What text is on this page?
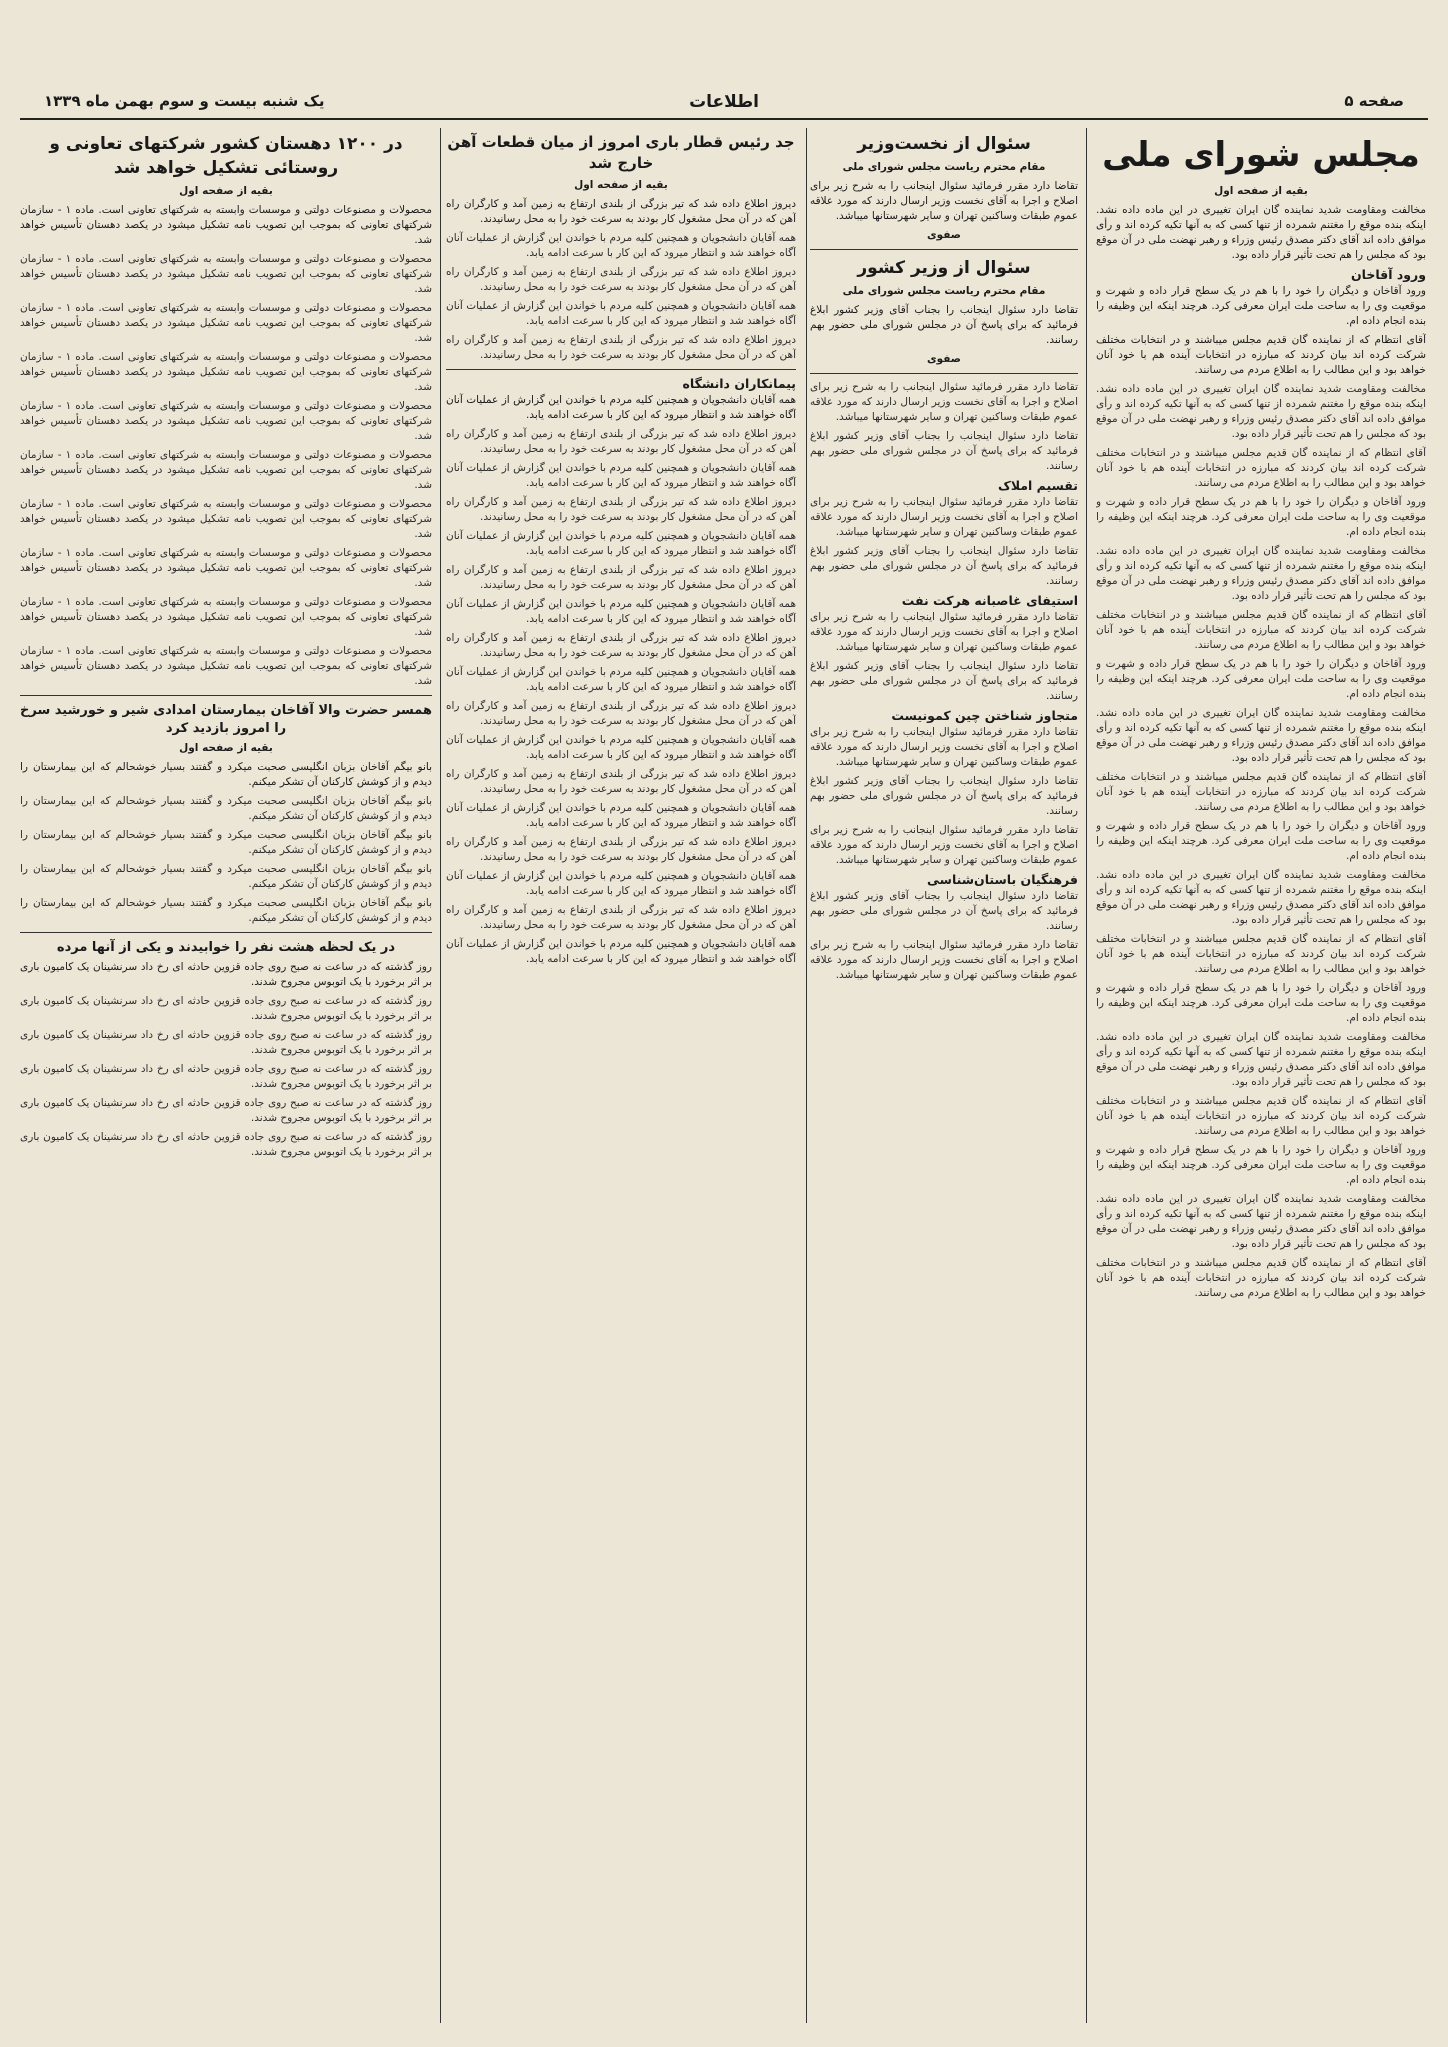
صفحه ۵
اطلاعات
یک شنبه بیست و سوم بهمن ماه ۱۳۳۹
مجلس شورای ملی
بقیه از صفحه اول

مخالفت ومقاومت شدید نماینده گان ایران تغییری در این ماده داده نشد. اینکه بنده موقع را مغتنم شمرده از تنها کسی که به آنها تکیه کرده اند و رأی موافق داده اند آقای دکتر مصدق رئیس وزراء و رهبر نهضت ملی در آن موقع بود که مجلس را هم تحت تأثیر قرار داده بود.

ورود آقاخان

ورود آقاخان و دیگران را خود را با هم در یک سطح قرار داده و شهرت و موقعیت وی را به ساحت ملت ایران معرفی کرد. هرچند اینکه این وظیفه را بنده انجام داده ام.

آقای انتظام که از نماینده گان قدیم مجلس میباشند و در انتخابات مختلف شرکت کرده اند بیان کردند که مبارزه در انتخابات آینده هم با خود آنان خواهد بود و این مطالب را به اطلاع مردم می رسانند.

مخالفت ومقاومت شدید نماینده گان ایران تغییری در این ماده داده نشد. اینکه بنده موقع را مغتنم شمرده از تنها کسی که به آنها تکیه کرده اند و رأی موافق داده اند آقای دکتر مصدق رئیس وزراء و رهبر نهضت ملی در آن موقع بود که مجلس را هم تحت تأثیر قرار داده بود.

آقای انتظام که از نماینده گان قدیم مجلس میباشند و در انتخابات مختلف شرکت کرده اند بیان کردند که مبارزه در انتخابات آینده هم با خود آنان خواهد بود و این مطالب را به اطلاع مردم می رسانند.

ورود آقاخان و دیگران را خود را با هم در یک سطح قرار داده و شهرت و موقعیت وی را به ساحت ملت ایران معرفی کرد. هرچند اینکه این وظیفه را بنده انجام داده ام.

مخالفت ومقاومت شدید نماینده گان ایران تغییری در این ماده داده نشد. اینکه بنده موقع را مغتنم شمرده از تنها کسی که به آنها تکیه کرده اند و رأی موافق داده اند آقای دکتر مصدق رئیس وزراء و رهبر نهضت ملی در آن موقع بود که مجلس را هم تحت تأثیر قرار داده بود.

آقای انتظام که از نماینده گان قدیم مجلس میباشند و در انتخابات مختلف شرکت کرده اند بیان کردند که مبارزه در انتخابات آینده هم با خود آنان خواهد بود و این مطالب را به اطلاع مردم می رسانند.

ورود آقاخان و دیگران را خود را با هم در یک سطح قرار داده و شهرت و موقعیت وی را به ساحت ملت ایران معرفی کرد. هرچند اینکه این وظیفه را بنده انجام داده ام.

مخالفت ومقاومت شدید نماینده گان ایران تغییری در این ماده داده نشد. اینکه بنده موقع را مغتنم شمرده از تنها کسی که به آنها تکیه کرده اند و رأی موافق داده اند آقای دکتر مصدق رئیس وزراء و رهبر نهضت ملی در آن موقع بود که مجلس را هم تحت تأثیر قرار داده بود.

آقای انتظام که از نماینده گان قدیم مجلس میباشند و در انتخابات مختلف شرکت کرده اند بیان کردند که مبارزه در انتخابات آینده هم با خود آنان خواهد بود و این مطالب را به اطلاع مردم می رسانند.

ورود آقاخان و دیگران را خود را با هم در یک سطح قرار داده و شهرت و موقعیت وی را به ساحت ملت ایران معرفی کرد. هرچند اینکه این وظیفه را بنده انجام داده ام.

مخالفت ومقاومت شدید نماینده گان ایران تغییری در این ماده داده نشد. اینکه بنده موقع را مغتنم شمرده از تنها کسی که به آنها تکیه کرده اند و رأی موافق داده اند آقای دکتر مصدق رئیس وزراء و رهبر نهضت ملی در آن موقع بود که مجلس را هم تحت تأثیر قرار داده بود.

آقای انتظام که از نماینده گان قدیم مجلس میباشند و در انتخابات مختلف شرکت کرده اند بیان کردند که مبارزه در انتخابات آینده هم با خود آنان خواهد بود و این مطالب را به اطلاع مردم می رسانند.

ورود آقاخان و دیگران را خود را با هم در یک سطح قرار داده و شهرت و موقعیت وی را به ساحت ملت ایران معرفی کرد. هرچند اینکه این وظیفه را بنده انجام داده ام.

مخالفت ومقاومت شدید نماینده گان ایران تغییری در این ماده داده نشد. اینکه بنده موقع را مغتنم شمرده از تنها کسی که به آنها تکیه کرده اند و رأی موافق داده اند آقای دکتر مصدق رئیس وزراء و رهبر نهضت ملی در آن موقع بود که مجلس را هم تحت تأثیر قرار داده بود.

آقای انتظام که از نماینده گان قدیم مجلس میباشند و در انتخابات مختلف شرکت کرده اند بیان کردند که مبارزه در انتخابات آینده هم با خود آنان خواهد بود و این مطالب را به اطلاع مردم می رسانند.

ورود آقاخان و دیگران را خود را با هم در یک سطح قرار داده و شهرت و موقعیت وی را به ساحت ملت ایران معرفی کرد. هرچند اینکه این وظیفه را بنده انجام داده ام.

مخالفت ومقاومت شدید نماینده گان ایران تغییری در این ماده داده نشد. اینکه بنده موقع را مغتنم شمرده از تنها کسی که به آنها تکیه کرده اند و رأی موافق داده اند آقای دکتر مصدق رئیس وزراء و رهبر نهضت ملی در آن موقع بود که مجلس را هم تحت تأثیر قرار داده بود.

آقای انتظام که از نماینده گان قدیم مجلس میباشند و در انتخابات مختلف شرکت کرده اند بیان کردند که مبارزه در انتخابات آینده هم با خود آنان خواهد بود و این مطالب را به اطلاع مردم می رسانند.

سئوال از نخست‌وزیر
مقام محترم ریاست مجلس شورای ملی

تقاضا دارد مقرر فرمائید سئوال اینجانب را به شرح زیر برای اصلاح و اجرا به آقای نخست وزیر ارسال دارند که مورد علاقه عموم طبقات وساکنین تهران و سایر شهرستانها میباشد.

صفوی
سئوال از وزیر کشور
مقام محترم ریاست مجلس شورای ملی

تقاضا دارد سئوال اینجانب را بجناب آقای وزیر کشور ابلاغ فرمائید که برای پاسخ آن در مجلس شورای ملی حضور بهم رسانند.

صفوی

تقاضا دارد مقرر فرمائید سئوال اینجانب را به شرح زیر برای اصلاح و اجرا به آقای نخست وزیر ارسال دارند که مورد علاقه عموم طبقات وساکنین تهران و سایر شهرستانها میباشد.

تقاضا دارد سئوال اینجانب را بجناب آقای وزیر کشور ابلاغ فرمائید که برای پاسخ آن در مجلس شورای ملی حضور بهم رسانند.

تقسیم املاک

تقاضا دارد مقرر فرمائید سئوال اینجانب را به شرح زیر برای اصلاح و اجرا به آقای نخست وزیر ارسال دارند که مورد علاقه عموم طبقات وساکنین تهران و سایر شهرستانها میباشد.

تقاضا دارد سئوال اینجانب را بجناب آقای وزیر کشور ابلاغ فرمائید که برای پاسخ آن در مجلس شورای ملی حضور بهم رسانند.

استیفای غاصبانه هرکت نفت

تقاضا دارد مقرر فرمائید سئوال اینجانب را به شرح زیر برای اصلاح و اجرا به آقای نخست وزیر ارسال دارند که مورد علاقه عموم طبقات وساکنین تهران و سایر شهرستانها میباشد.

تقاضا دارد سئوال اینجانب را بجناب آقای وزیر کشور ابلاغ فرمائید که برای پاسخ آن در مجلس شورای ملی حضور بهم رسانند.

متجاوز شناختن چین کمونیست

تقاضا دارد مقرر فرمائید سئوال اینجانب را به شرح زیر برای اصلاح و اجرا به آقای نخست وزیر ارسال دارند که مورد علاقه عموم طبقات وساکنین تهران و سایر شهرستانها میباشد.

تقاضا دارد سئوال اینجانب را بجناب آقای وزیر کشور ابلاغ فرمائید که برای پاسخ آن در مجلس شورای ملی حضور بهم رسانند.

تقاضا دارد مقرر فرمائید سئوال اینجانب را به شرح زیر برای اصلاح و اجرا به آقای نخست وزیر ارسال دارند که مورد علاقه عموم طبقات وساکنین تهران و سایر شهرستانها میباشد.

فرهنگیان باستان‌شناسی

تقاضا دارد سئوال اینجانب را بجناب آقای وزیر کشور ابلاغ فرمائید که برای پاسخ آن در مجلس شورای ملی حضور بهم رسانند.

تقاضا دارد مقرر فرمائید سئوال اینجانب را به شرح زیر برای اصلاح و اجرا به آقای نخست وزیر ارسال دارند که مورد علاقه عموم طبقات وساکنین تهران و سایر شهرستانها میباشد.

جد رئیس قطار باری امروز از میان قطعات آهن خارج شد
بقیه از صفحه اول

دیروز اطلاع داده شد که تیر بزرگی از بلندی ارتفاع به زمین آمد و کارگران راه آهن که در آن محل مشغول کار بودند به سرعت خود را به محل رسانیدند.

همه آقایان دانشجویان و همچنین کلیه مردم با خواندن این گزارش از عملیات آنان آگاه خواهند شد و انتظار میرود که این کار با سرعت ادامه یابد.

دیروز اطلاع داده شد که تیر بزرگی از بلندی ارتفاع به زمین آمد و کارگران راه آهن که در آن محل مشغول کار بودند به سرعت خود را به محل رسانیدند.

همه آقایان دانشجویان و همچنین کلیه مردم با خواندن این گزارش از عملیات آنان آگاه خواهند شد و انتظار میرود که این کار با سرعت ادامه یابد.

دیروز اطلاع داده شد که تیر بزرگی از بلندی ارتفاع به زمین آمد و کارگران راه آهن که در آن محل مشغول کار بودند به سرعت خود را به محل رسانیدند.

پیمانکاران دانشگاه

همه آقایان دانشجویان و همچنین کلیه مردم با خواندن این گزارش از عملیات آنان آگاه خواهند شد و انتظار میرود که این کار با سرعت ادامه یابد.

دیروز اطلاع داده شد که تیر بزرگی از بلندی ارتفاع به زمین آمد و کارگران راه آهن که در آن محل مشغول کار بودند به سرعت خود را به محل رسانیدند.

همه آقایان دانشجویان و همچنین کلیه مردم با خواندن این گزارش از عملیات آنان آگاه خواهند شد و انتظار میرود که این کار با سرعت ادامه یابد.

دیروز اطلاع داده شد که تیر بزرگی از بلندی ارتفاع به زمین آمد و کارگران راه آهن که در آن محل مشغول کار بودند به سرعت خود را به محل رسانیدند.

همه آقایان دانشجویان و همچنین کلیه مردم با خواندن این گزارش از عملیات آنان آگاه خواهند شد و انتظار میرود که این کار با سرعت ادامه یابد.

دیروز اطلاع داده شد که تیر بزرگی از بلندی ارتفاع به زمین آمد و کارگران راه آهن که در آن محل مشغول کار بودند به سرعت خود را به محل رسانیدند.

همه آقایان دانشجویان و همچنین کلیه مردم با خواندن این گزارش از عملیات آنان آگاه خواهند شد و انتظار میرود که این کار با سرعت ادامه یابد.

دیروز اطلاع داده شد که تیر بزرگی از بلندی ارتفاع به زمین آمد و کارگران راه آهن که در آن محل مشغول کار بودند به سرعت خود را به محل رسانیدند.

همه آقایان دانشجویان و همچنین کلیه مردم با خواندن این گزارش از عملیات آنان آگاه خواهند شد و انتظار میرود که این کار با سرعت ادامه یابد.

دیروز اطلاع داده شد که تیر بزرگی از بلندی ارتفاع به زمین آمد و کارگران راه آهن که در آن محل مشغول کار بودند به سرعت خود را به محل رسانیدند.

همه آقایان دانشجویان و همچنین کلیه مردم با خواندن این گزارش از عملیات آنان آگاه خواهند شد و انتظار میرود که این کار با سرعت ادامه یابد.

دیروز اطلاع داده شد که تیر بزرگی از بلندی ارتفاع به زمین آمد و کارگران راه آهن که در آن محل مشغول کار بودند به سرعت خود را به محل رسانیدند.

همه آقایان دانشجویان و همچنین کلیه مردم با خواندن این گزارش از عملیات آنان آگاه خواهند شد و انتظار میرود که این کار با سرعت ادامه یابد.

دیروز اطلاع داده شد که تیر بزرگی از بلندی ارتفاع به زمین آمد و کارگران راه آهن که در آن محل مشغول کار بودند به سرعت خود را به محل رسانیدند.

همه آقایان دانشجویان و همچنین کلیه مردم با خواندن این گزارش از عملیات آنان آگاه خواهند شد و انتظار میرود که این کار با سرعت ادامه یابد.

دیروز اطلاع داده شد که تیر بزرگی از بلندی ارتفاع به زمین آمد و کارگران راه آهن که در آن محل مشغول کار بودند به سرعت خود را به محل رسانیدند.

همه آقایان دانشجویان و همچنین کلیه مردم با خواندن این گزارش از عملیات آنان آگاه خواهند شد و انتظار میرود که این کار با سرعت ادامه یابد.

در ۱۲۰۰ دهستان کشور شرکتهای تعاونی و روستائی تشکیل خواهد شد
بقیه از صفحه اول

محصولات و مصنوعات دولتی و موسسات وابسته به شرکتهای تعاونی است. ماده ۱ - سازمان شرکتهای تعاونی که بموجب این تصویب نامه تشکیل میشود در یکصد دهستان تأسیس خواهد شد.

محصولات و مصنوعات دولتی و موسسات وابسته به شرکتهای تعاونی است. ماده ۱ - سازمان شرکتهای تعاونی که بموجب این تصویب نامه تشکیل میشود در یکصد دهستان تأسیس خواهد شد.

محصولات و مصنوعات دولتی و موسسات وابسته به شرکتهای تعاونی است. ماده ۱ - سازمان شرکتهای تعاونی که بموجب این تصویب نامه تشکیل میشود در یکصد دهستان تأسیس خواهد شد.

محصولات و مصنوعات دولتی و موسسات وابسته به شرکتهای تعاونی است. ماده ۱ - سازمان شرکتهای تعاونی که بموجب این تصویب نامه تشکیل میشود در یکصد دهستان تأسیس خواهد شد.

محصولات و مصنوعات دولتی و موسسات وابسته به شرکتهای تعاونی است. ماده ۱ - سازمان شرکتهای تعاونی که بموجب این تصویب نامه تشکیل میشود در یکصد دهستان تأسیس خواهد شد.

محصولات و مصنوعات دولتی و موسسات وابسته به شرکتهای تعاونی است. ماده ۱ - سازمان شرکتهای تعاونی که بموجب این تصویب نامه تشکیل میشود در یکصد دهستان تأسیس خواهد شد.

محصولات و مصنوعات دولتی و موسسات وابسته به شرکتهای تعاونی است. ماده ۱ - سازمان شرکتهای تعاونی که بموجب این تصویب نامه تشکیل میشود در یکصد دهستان تأسیس خواهد شد.

محصولات و مصنوعات دولتی و موسسات وابسته به شرکتهای تعاونی است. ماده ۱ - سازمان شرکتهای تعاونی که بموجب این تصویب نامه تشکیل میشود در یکصد دهستان تأسیس خواهد شد.

محصولات و مصنوعات دولتی و موسسات وابسته به شرکتهای تعاونی است. ماده ۱ - سازمان شرکتهای تعاونی که بموجب این تصویب نامه تشکیل میشود در یکصد دهستان تأسیس خواهد شد.

محصولات و مصنوعات دولتی و موسسات وابسته به شرکتهای تعاونی است. ماده ۱ - سازمان شرکتهای تعاونی که بموجب این تصویب نامه تشکیل میشود در یکصد دهستان تأسیس خواهد شد.

همسر حضرت والا آقاخان بیمارستان امدادی شیر و خورشید سرخ را امروز بازدید کرد
بقیه از صفحه اول

بانو بیگم آقاخان بزبان انگلیسی صحبت میکرد و گفتند بسیار خوشحالم که این بیمارستان را دیدم و از کوشش کارکنان آن تشکر میکنم.

بانو بیگم آقاخان بزبان انگلیسی صحبت میکرد و گفتند بسیار خوشحالم که این بیمارستان را دیدم و از کوشش کارکنان آن تشکر میکنم.

بانو بیگم آقاخان بزبان انگلیسی صحبت میکرد و گفتند بسیار خوشحالم که این بیمارستان را دیدم و از کوشش کارکنان آن تشکر میکنم.

بانو بیگم آقاخان بزبان انگلیسی صحبت میکرد و گفتند بسیار خوشحالم که این بیمارستان را دیدم و از کوشش کارکنان آن تشکر میکنم.

بانو بیگم آقاخان بزبان انگلیسی صحبت میکرد و گفتند بسیار خوشحالم که این بیمارستان را دیدم و از کوشش کارکنان آن تشکر میکنم.

در یک لحظه هشت نفر را خوابیدند و یکی از آنها مرده

روز گذشته که در ساعت نه صبح روی جاده قزوین حادثه ای رخ داد سرنشینان یک کامیون باری بر اثر برخورد با یک اتوبوس مجروح شدند.

روز گذشته که در ساعت نه صبح روی جاده قزوین حادثه ای رخ داد سرنشینان یک کامیون باری بر اثر برخورد با یک اتوبوس مجروح شدند.

روز گذشته که در ساعت نه صبح روی جاده قزوین حادثه ای رخ داد سرنشینان یک کامیون باری بر اثر برخورد با یک اتوبوس مجروح شدند.

روز گذشته که در ساعت نه صبح روی جاده قزوین حادثه ای رخ داد سرنشینان یک کامیون باری بر اثر برخورد با یک اتوبوس مجروح شدند.

روز گذشته که در ساعت نه صبح روی جاده قزوین حادثه ای رخ داد سرنشینان یک کامیون باری بر اثر برخورد با یک اتوبوس مجروح شدند.

روز گذشته که در ساعت نه صبح روی جاده قزوین حادثه ای رخ داد سرنشینان یک کامیون باری بر اثر برخورد با یک اتوبوس مجروح شدند.
